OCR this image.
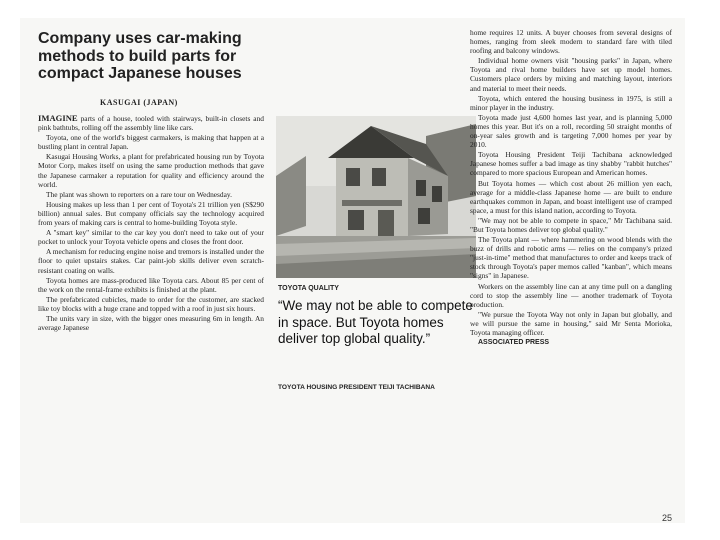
Company uses car-making methods to build parts for compact Japanese houses
KASUGAI (JAPAN)

IMAGINE parts of a house, tooled with stairways, built-in closets and pink bathtubs, rolling off the assembly line like cars.

Toyota, one of the world's biggest carmakers, is making that happen at a bustling plant in central Japan.

Kasugai Housing Works, a plant for prefabricated housing run by Toyota Motor Corp, makes itself on using the same production methods that gave the Japanese carmaker a reputation for quality and efficiency around the world.

The plant was shown to reporters on a rare tour on Wednesday.

Housing makes up less than 1 per cent of Toyota's 21 trillion yen (S$290 billion) annual sales. But company officials say the technology acquired from years of making cars is central to home-building Toyota style.

A "smart key" similar to the car key you don't need to take out of your pocket to unlock your Toyota vehicle opens and closes the front door.

A mechanism for reducing engine noise and tremors is installed under the floor to quiet upstairs stakes. Car paint-job skills deliver even scratch-resistant coating on walls.

Toyota homes are mass-produced like Toyota cars. About 85 per cent of the work on the rental-frame exhibits is finished at the plant.

The prefabricated cubicles, made to order for the customer, are stacked like toy blocks with a huge crane and topped with a roof in just six hours.

The units vary in size, with the bigger ones measuring 6m in length. An average Japanese

TOYOTA QUALITY
“We may not be able to compete in space. But Toyota homes deliver top global quality.”
TOYOTA HOUSING PRESIDENT TEIJI TACHIBANA

home requires 12 units. A buyer chooses from several designs of homes, ranging from sleek modern to standard fare with tiled roofing and balcony windows.

Individual home owners visit "housing parks" in Japan, where Toyota and rival home builders have set up model homes. Customers place orders by mixing and matching layout, interiors and material to meet their needs.

Toyota, which entered the housing business in 1975, is still a minor player in the industry.

Toyota made just 4,600 homes last year, and is planning 5,000 homes this year. But it's on a roll, recording 50 straight months of on-year sales growth and is targeting 7,000 homes per year by 2010.

Toyota Housing President Teiji Tachibana acknowledged Japanese homes suffer a bad image as tiny shabby "rabbit hutches" compared to more spacious European and American homes.

But Toyota homes — which cost about 26 million yen each, average for a middle-class Japanese home — are built to endure earthquakes common in Japan, and boast intelligent use of cramped space, a must for this island nation, according to Toyota.

"We may not be able to compete in space," Mr Tachibana said. "But Toyota homes deliver top global quality."

The Toyota plant — where hammering on wood blends with the buzz of drills and robotic arms — relies on the company's prized "just-in-time" method that manufactures to order and keeps track of stock through Toyota's paper memos called "kanban", which means "signs" in Japanese.

Workers on the assembly line can at any time pull on a dangling cord to stop the assembly line — another trademark of Toyota production.

"We pursue the Toyota Way not only in Japan but globally, and we will pursue the same in housing," said Mr Senta Morioka, Toyota managing officer.

ASSOCIATED PRESS

25
